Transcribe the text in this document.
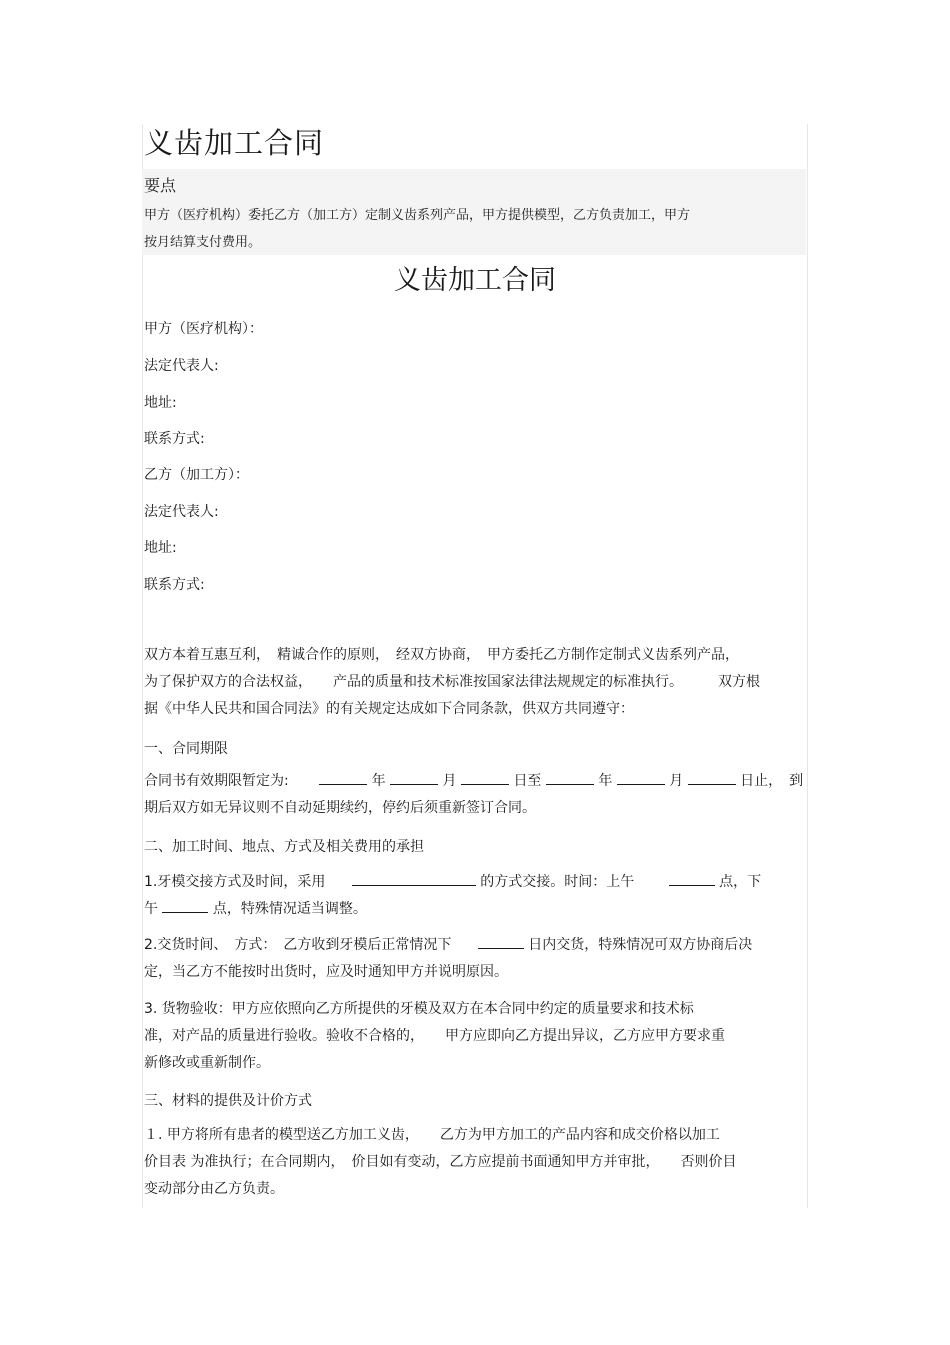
义齿加工合同
要点

甲方（医疗机构）委托乙方（加工方）定制义齿系列产品，甲方提供模型，乙方负责加工，甲方
按月结算支付费用。

义齿加工合同
甲方（医疗机构）：
法定代表人:
地址:
联系方式:
乙方（加工方）：
法定代表人:
地址:
联系方式:

双方本着互惠互利，　精诚合作的原则，　经双方协商，　甲方委托乙方制作定制式义齿系列产品，
为了保护双方的合法权益，　　产品的质量和技术标准按国家法律法规规定的标准执行。　　　双方根
据《中华人民共和国合同法》的有关规定达成如下合同条款，供双方共同遵守：

一、合同期限

合同书有效期限暂定为:	年	月	日至	年	月	日止，　到
期后双方如无异议则不自动延期续约，停约后须重新签订合同。

二、加工时间、地点、方式及相关费用的承担

1.牙模交接方式及时间，采用	的方式交接。时间：上午	点，下
午	点，特殊情况适当调整。

2.交货时间、　方式：　乙方收到牙模后正常情况下	日内交货，特殊情况可双方协商后决
定，当乙方不能按时出货时，应及时通知甲方并说明原因。

3. 货物验收：甲方应依照向乙方所提供的牙模及双方在本合同中约定的质量要求和技术标
准，对产品的质量进行验收。验收不合格的，　　甲方应即向乙方提出异议，乙方应甲方要求重
新修改或重新制作。

三、材料的提供及计价方式

１. 甲方将所有患者的模型送乙方加工义齿，　　乙方为甲方加工的产品内容和成交价格以加工
价目表 为准执行；在合同期内，　价目如有变动，乙方应提前书面通知甲方并审批，　　否则价目
变动部分由乙方负责。
